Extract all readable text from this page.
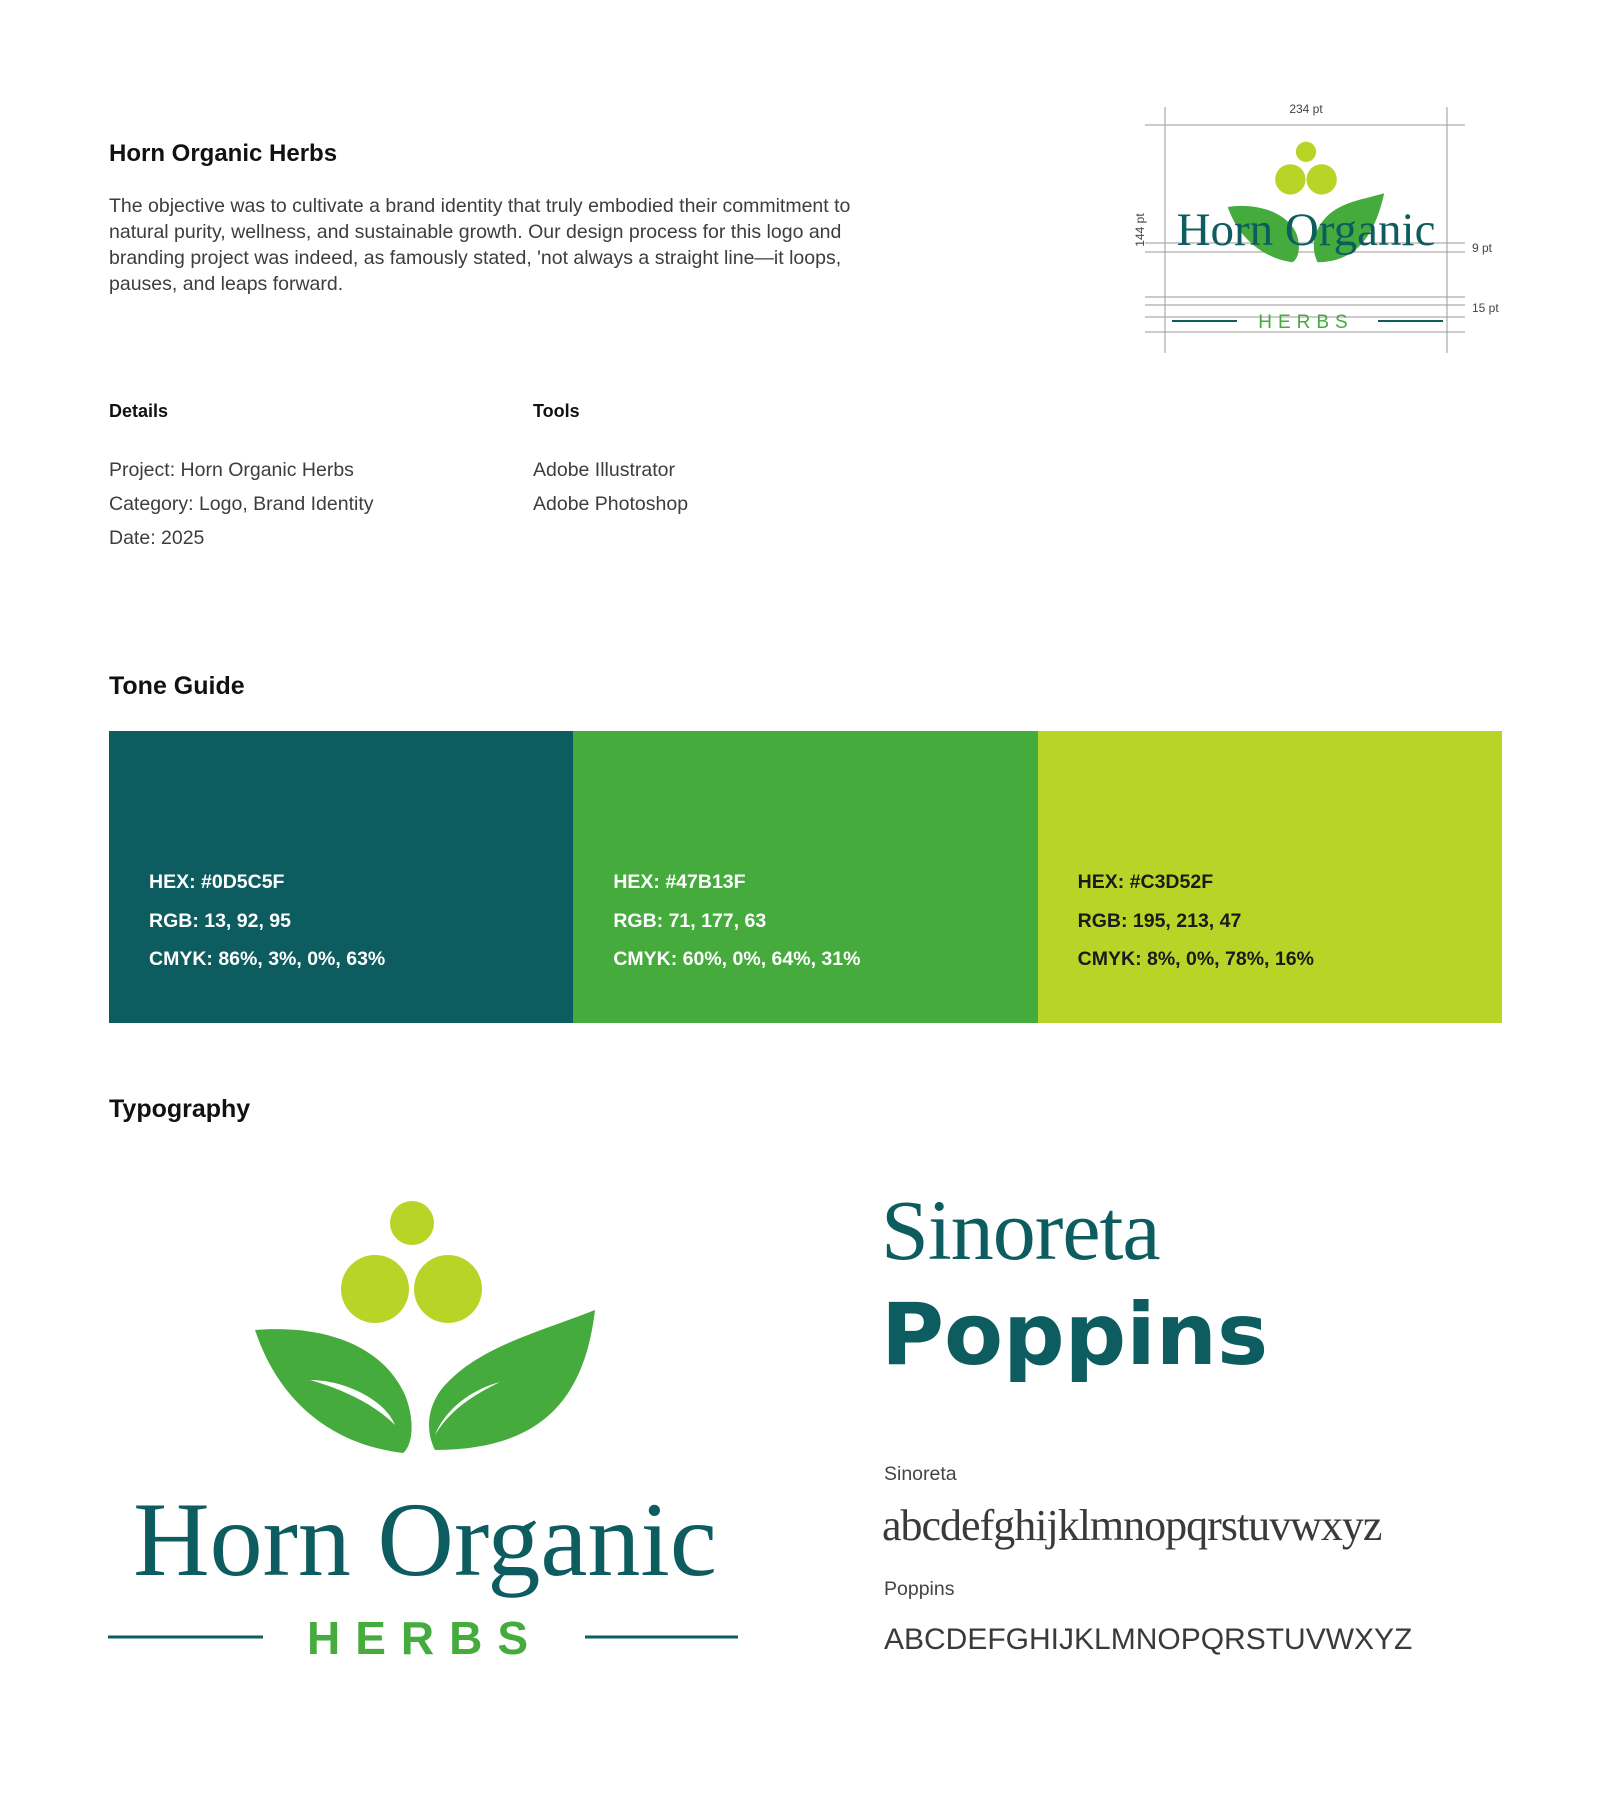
Horn Organic Herbs
The objective was to cultivate a brand identity that truly embodied their commitment to natural purity, wellness, and sustainable growth. Our design process for this logo and branding project was indeed, as famously stated, 'not always a straight line—it loops, pauses, and leaps forward.
234 pt
144 pt
9 pt
15 pt
Horn Organic
HERBS
Details
Project: Horn Organic Herbs
Category: Logo, Brand Identity
Date: 2025
Tools
Adobe Illustrator
Adobe Photoshop
Tone Guide
HEX: #0D5C5F
RGB: 13, 92, 95
CMYK: 86%, 3%, 0%, 63%
HEX: #47B13F
RGB: 71, 177, 63
CMYK: 60%, 0%, 64%, 31%
HEX: #C3D52F
RGB: 195, 213, 47
CMYK: 8%, 0%, 78%, 16%
Typography
Horn Organic
HERBS
Sinoreta
Poppins
Sinoreta
abcdefghijklmnopqrstuvwxyz
Poppins
ABCDEFGHIJKLMNOPQRSTUVWXYZ
